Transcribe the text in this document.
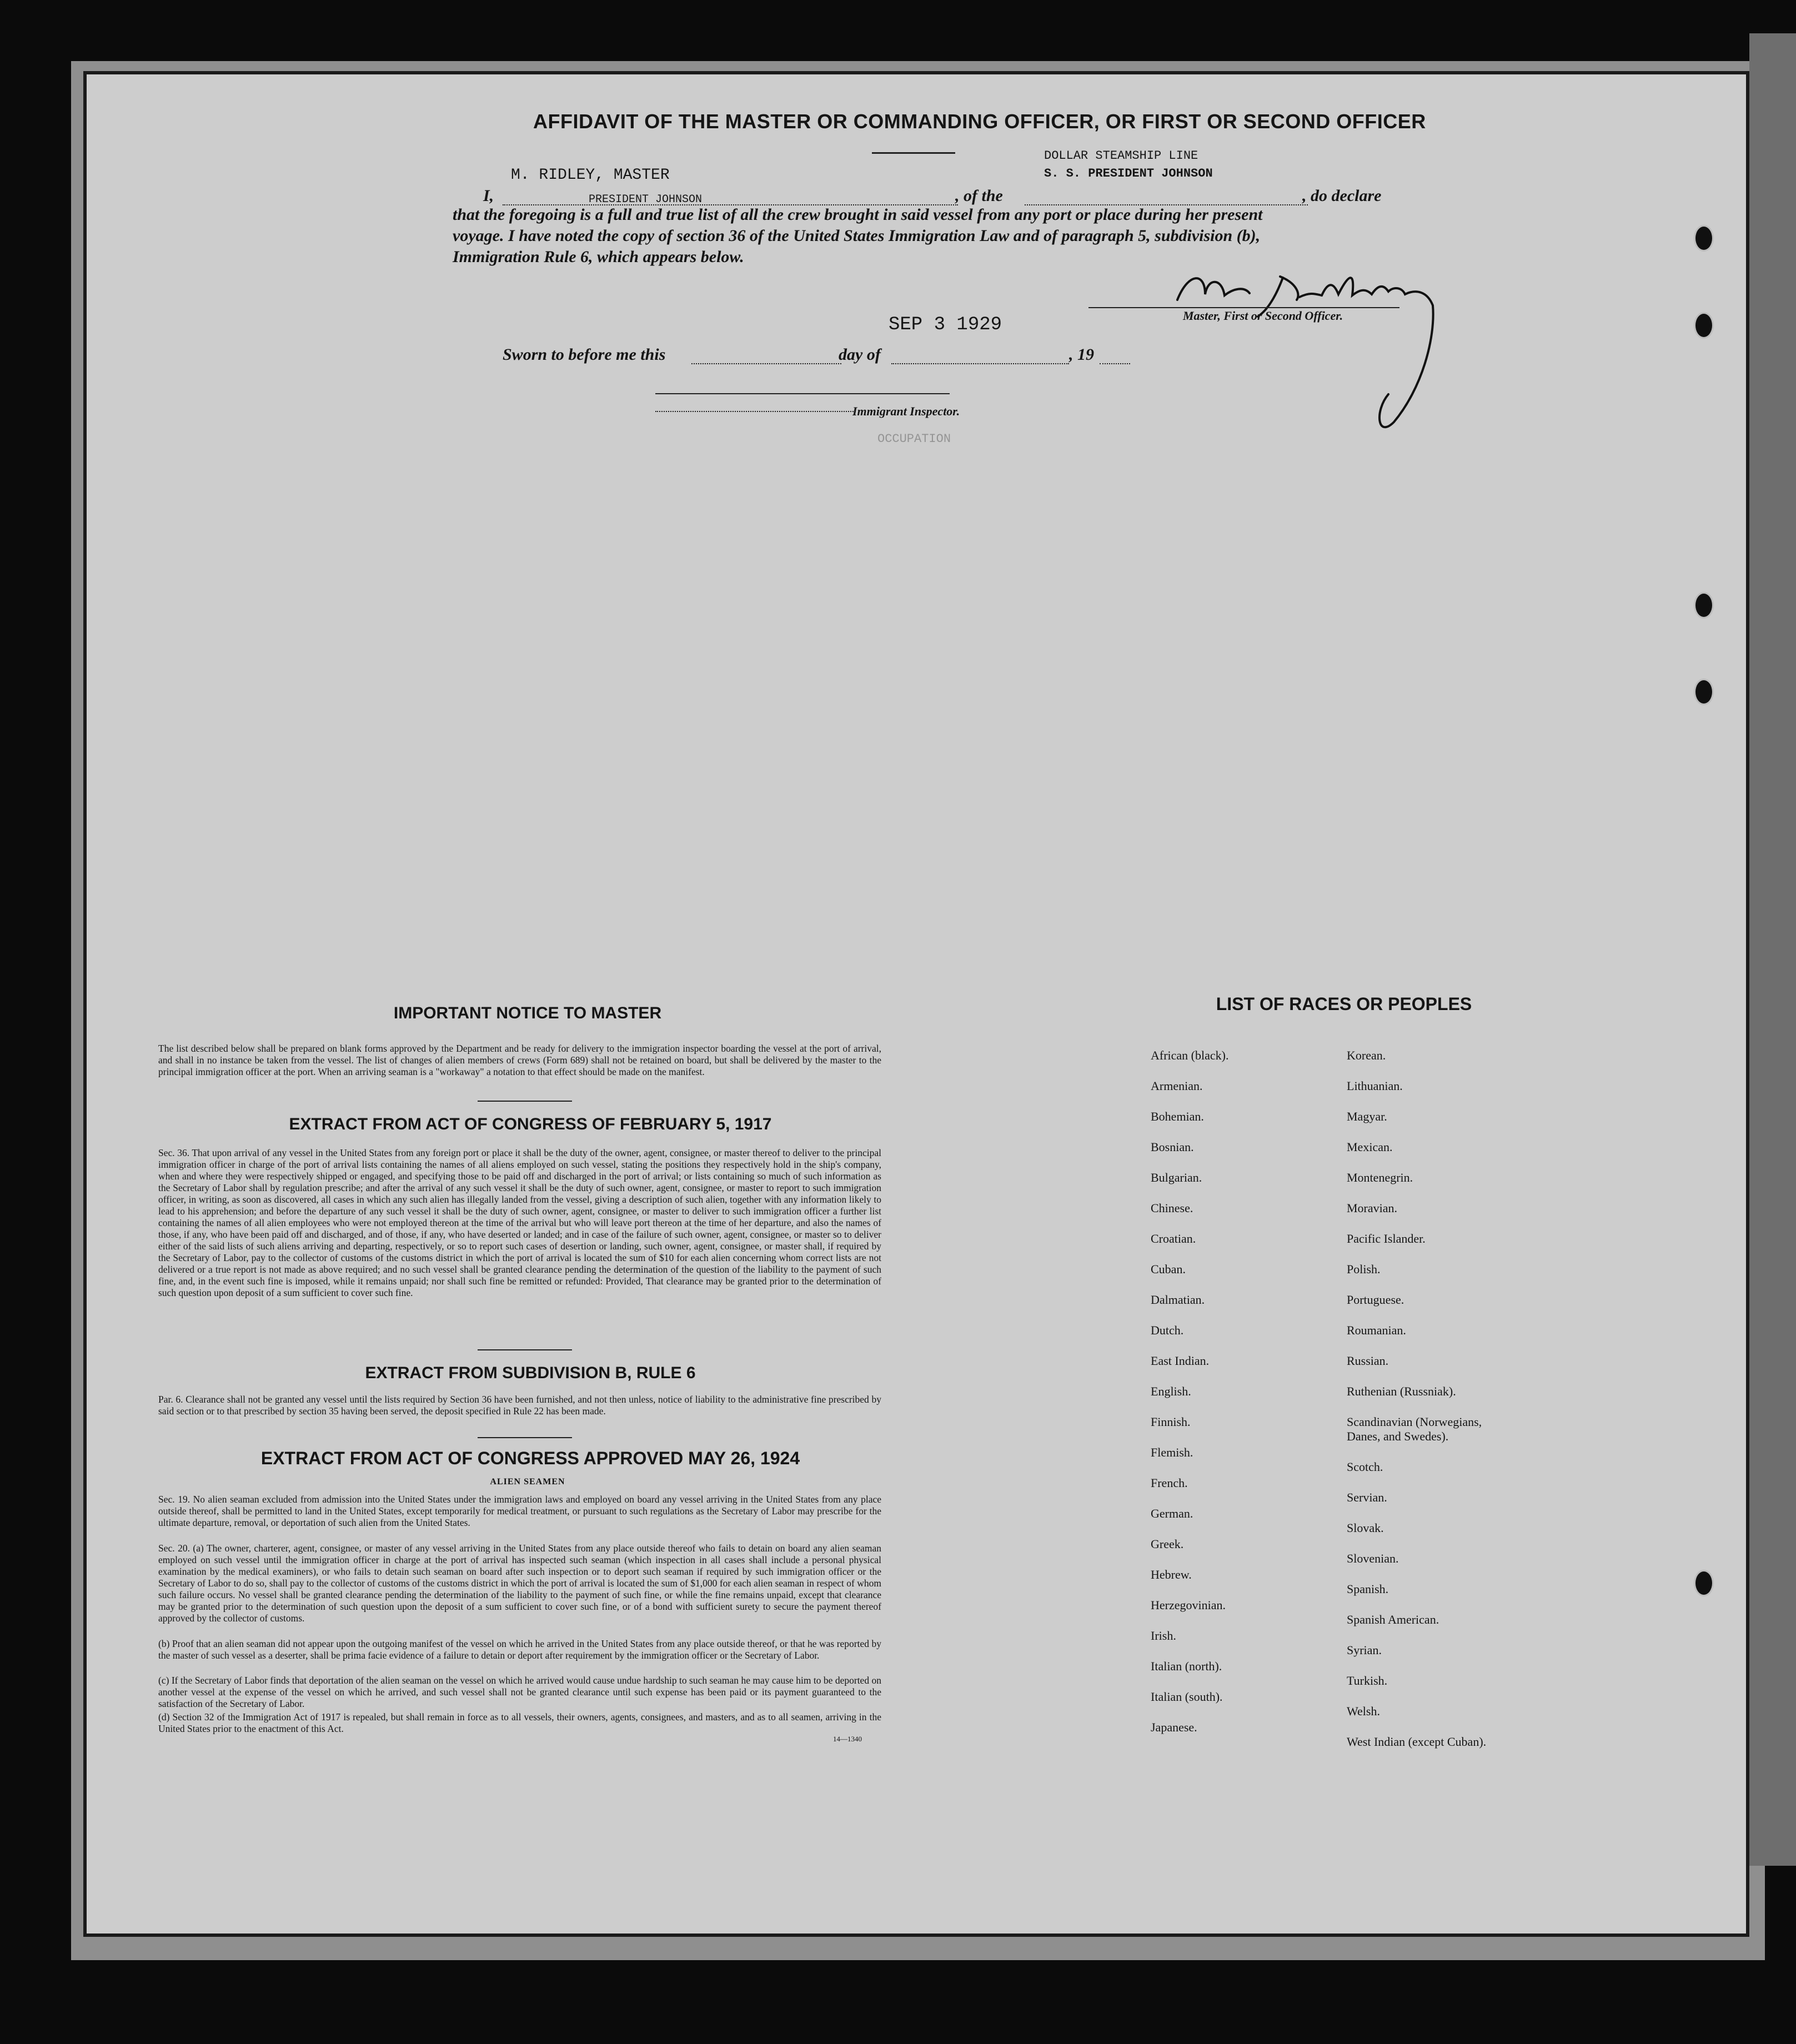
AFFIDAVIT OF THE MASTER OR COMMANDING OFFICER, OR FIRST OR SECOND OFFICER
M. RIDLEY, MASTER
PRESIDENT JOHNSON
DOLLAR STEAMSHIP LINE
S. S. PRESIDENT JOHNSON
I,	, of the	, do declare
that the foregoing is a full and true list of all the crew brought in said vessel from any port or place during her present
voyage. I have noted the copy of section 36 of the United States Immigration Law and of paragraph 5, subdivision (b),
Immigration Rule 6, which appears below.
Master, First or Second Officer.
SEP 3 1929
Sworn to before me this	day of	, 19
Immigrant Inspector.
OCCUPATION

IMPORTANT NOTICE TO MASTER
The list described below shall be prepared on blank forms approved by the Department and be ready for delivery to the immigration inspector boarding the vessel at the port of arrival, and shall in no instance be taken from the vessel. The list of changes of alien members of crews (Form 689) shall not be retained on board, but shall be delivered by the master to the principal immigration officer at the port. When an arriving seaman is a "workaway" a notation to that effect should be made on the manifest.
EXTRACT FROM ACT OF CONGRESS OF FEBRUARY 5, 1917
Sec. 36. That upon arrival of any vessel in the United States from any foreign port or place it shall be the duty of the owner, agent, consignee, or master thereof to deliver to the principal immigration officer in charge of the port of arrival lists containing the names of all aliens employed on such vessel, stating the positions they respectively hold in the ship's company, when and where they were respectively shipped or engaged, and specifying those to be paid off and discharged in the port of arrival; or lists containing so much of such information as the Secretary of Labor shall by regulation prescribe; and after the arrival of any such vessel it shall be the duty of such owner, agent, consignee, or master to report to such immigration officer, in writing, as soon as discovered, all cases in which any such alien has illegally landed from the vessel, giving a description of such alien, together with any information likely to lead to his apprehension; and before the departure of any such vessel it shall be the duty of such owner, agent, consignee, or master to deliver to such immigration officer a further list containing the names of all alien employees who were not employed thereon at the time of the arrival but who will leave port thereon at the time of her departure, and also the names of those, if any, who have been paid off and discharged, and of those, if any, who have deserted or landed; and in case of the failure of such owner, agent, consignee, or master so to deliver either of the said lists of such aliens arriving and departing, respectively, or so to report such cases of desertion or landing, such owner, agent, consignee, or master shall, if required by the Secretary of Labor, pay to the collector of customs of the customs district in which the port of arrival is located the sum of $10 for each alien concerning whom correct lists are not delivered or a true report is not made as above required; and no such vessel shall be granted clearance pending the determination of the question of the liability to the payment of such fine, and, in the event such fine is imposed, while it remains unpaid; nor shall such fine be remitted or refunded: Provided, That clearance may be granted prior to the determination of such question upon deposit of a sum sufficient to cover such fine.
EXTRACT FROM SUBDIVISION B, RULE 6
Par. 6. Clearance shall not be granted any vessel until the lists required by Section 36 have been furnished, and not then unless, notice of liability to the administrative fine prescribed by said section or to that prescribed by section 35 having been served, the deposit specified in Rule 22 has been made.
EXTRACT FROM ACT OF CONGRESS APPROVED MAY 26, 1924
ALIEN SEAMEN
Sec. 19. No alien seaman excluded from admission into the United States under the immigration laws and employed on board any vessel arriving in the United States from any place outside thereof, shall be permitted to land in the United States, except temporarily for medical treatment, or pursuant to such regulations as the Secretary of Labor may prescribe for the ultimate departure, removal, or deportation of such alien from the United States.
Sec. 20. (a) The owner, charterer, agent, consignee, or master of any vessel arriving in the United States from any place outside thereof who fails to detain on board any alien seaman employed on such vessel until the immigration officer in charge at the port of arrival has inspected such seaman (which inspection in all cases shall include a personal physical examination by the medical examiners), or who fails to detain such seaman on board after such inspection or to deport such seaman if required by such immigration officer or the Secretary of Labor to do so, shall pay to the collector of customs of the customs district in which the port of arrival is located the sum of $1,000 for each alien seaman in respect of whom such failure occurs. No vessel shall be granted clearance pending the determination of the liability to the payment of such fine, or while the fine remains unpaid, except that clearance may be granted prior to the determination of such question upon the deposit of a sum sufficient to cover such fine, or of a bond with sufficient surety to secure the payment thereof approved by the collector of customs.
(b) Proof that an alien seaman did not appear upon the outgoing manifest of the vessel on which he arrived in the United States from any place outside thereof, or that he was reported by the master of such vessel as a deserter, shall be prima facie evidence of a failure to detain or deport after requirement by the immigration officer or the Secretary of Labor.
(c) If the Secretary of Labor finds that deportation of the alien seaman on the vessel on which he arrived would cause undue hardship to such seaman he may cause him to be deported on another vessel at the expense of the vessel on which he arrived, and such vessel shall not be granted clearance until such expense has been paid or its payment guaranteed to the satisfaction of the Secretary of Labor.
(d) Section 32 of the Immigration Act of 1917 is repealed, but shall remain in force as to all vessels, their owners, agents, consignees, and masters, and as to all seamen, arriving in the United States prior to the enactment of this Act.
14—1340
LIST OF RACES OR PEOPLES
African (black).
Armenian.
Bohemian.
Bosnian.
Bulgarian.
Chinese.
Croatian.
Cuban.
Dalmatian.
Dutch.
East Indian.
English.
Finnish.
Flemish.
French.
German.
Greek.
Hebrew.
Herzegovinian.
Irish.
Italian (north).
Italian (south).
Japanese.
Korean.
Lithuanian.
Magyar.
Mexican.
Montenegrin.
Moravian.
Pacific Islander.
Polish.
Portuguese.
Roumanian.
Russian.
Ruthenian (Russniak).
Scandinavian (Norwegians,
Danes, and Swedes).
Scotch.
Servian.
Slovak.
Slovenian.
Spanish.
Spanish American.
Syrian.
Turkish.
Welsh.
West Indian (except Cuban).
